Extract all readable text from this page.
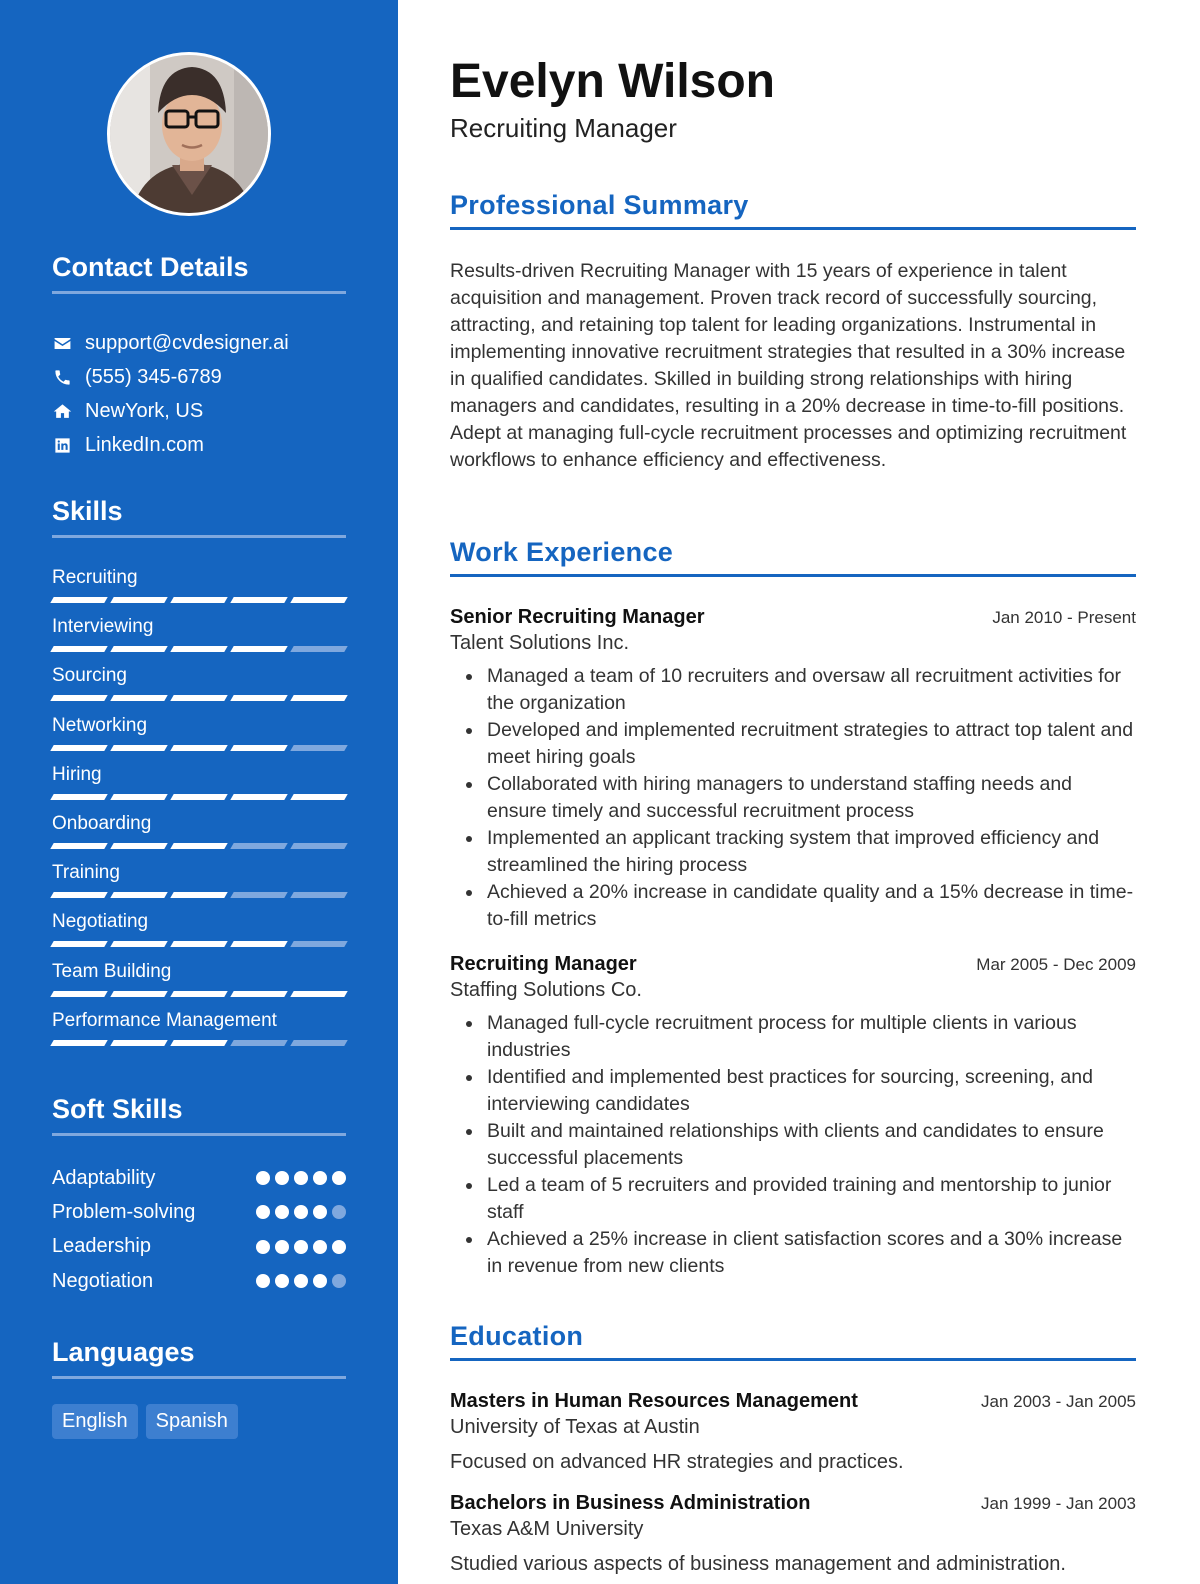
Contact Details
support@cvdesigner.ai
(555) 345-6789
NewYork, US
LinkedIn.com
Skills
Recruiting
Interviewing
Sourcing
Networking
Hiring
Onboarding
Training
Negotiating
Team Building
Performance Management
Soft Skills
Adaptability
Problem-solving
Leadership
Negotiation
Languages
English	Spanish
Evelyn Wilson
Recruiting Manager
Professional Summary
Results-driven Recruiting Manager with 15 years of experience in talent acquisition and management. Proven track record of successfully sourcing, attracting, and retaining top talent for leading organizations. Instrumental in implementing innovative recruitment strategies that resulted in a 30% increase in qualified candidates. Skilled in building strong relationships with hiring managers and candidates, resulting in a 20% decrease in time-to-fill positions. Adept at managing full-cycle recruitment processes and optimizing recruitment workflows to enhance efficiency and effectiveness.
Work Experience
Senior Recruiting Manager	Jan 2010 - Present
Talent Solutions Inc.
Managed a team of 10 recruiters and oversaw all recruitment activities for the organization
Developed and implemented recruitment strategies to attract top talent and meet hiring goals
Collaborated with hiring managers to understand staffing needs and ensure timely and successful recruitment process
Implemented an applicant tracking system that improved efficiency and streamlined the hiring process
Achieved a 20% increase in candidate quality and a 15% decrease in time-to-fill metrics
Recruiting Manager	Mar 2005 - Dec 2009
Staffing Solutions Co.
Managed full-cycle recruitment process for multiple clients in various industries
Identified and implemented best practices for sourcing, screening, and interviewing candidates
Built and maintained relationships with clients and candidates to ensure successful placements
Led a team of 5 recruiters and provided training and mentorship to junior staff
Achieved a 25% increase in client satisfaction scores and a 30% increase in revenue from new clients
Education
Masters in Human Resources Management	Jan 2003 - Jan 2005
University of Texas at Austin
Focused on advanced HR strategies and practices.
Bachelors in Business Administration	Jan 1999 - Jan 2003
Texas A&M University
Studied various aspects of business management and administration.
